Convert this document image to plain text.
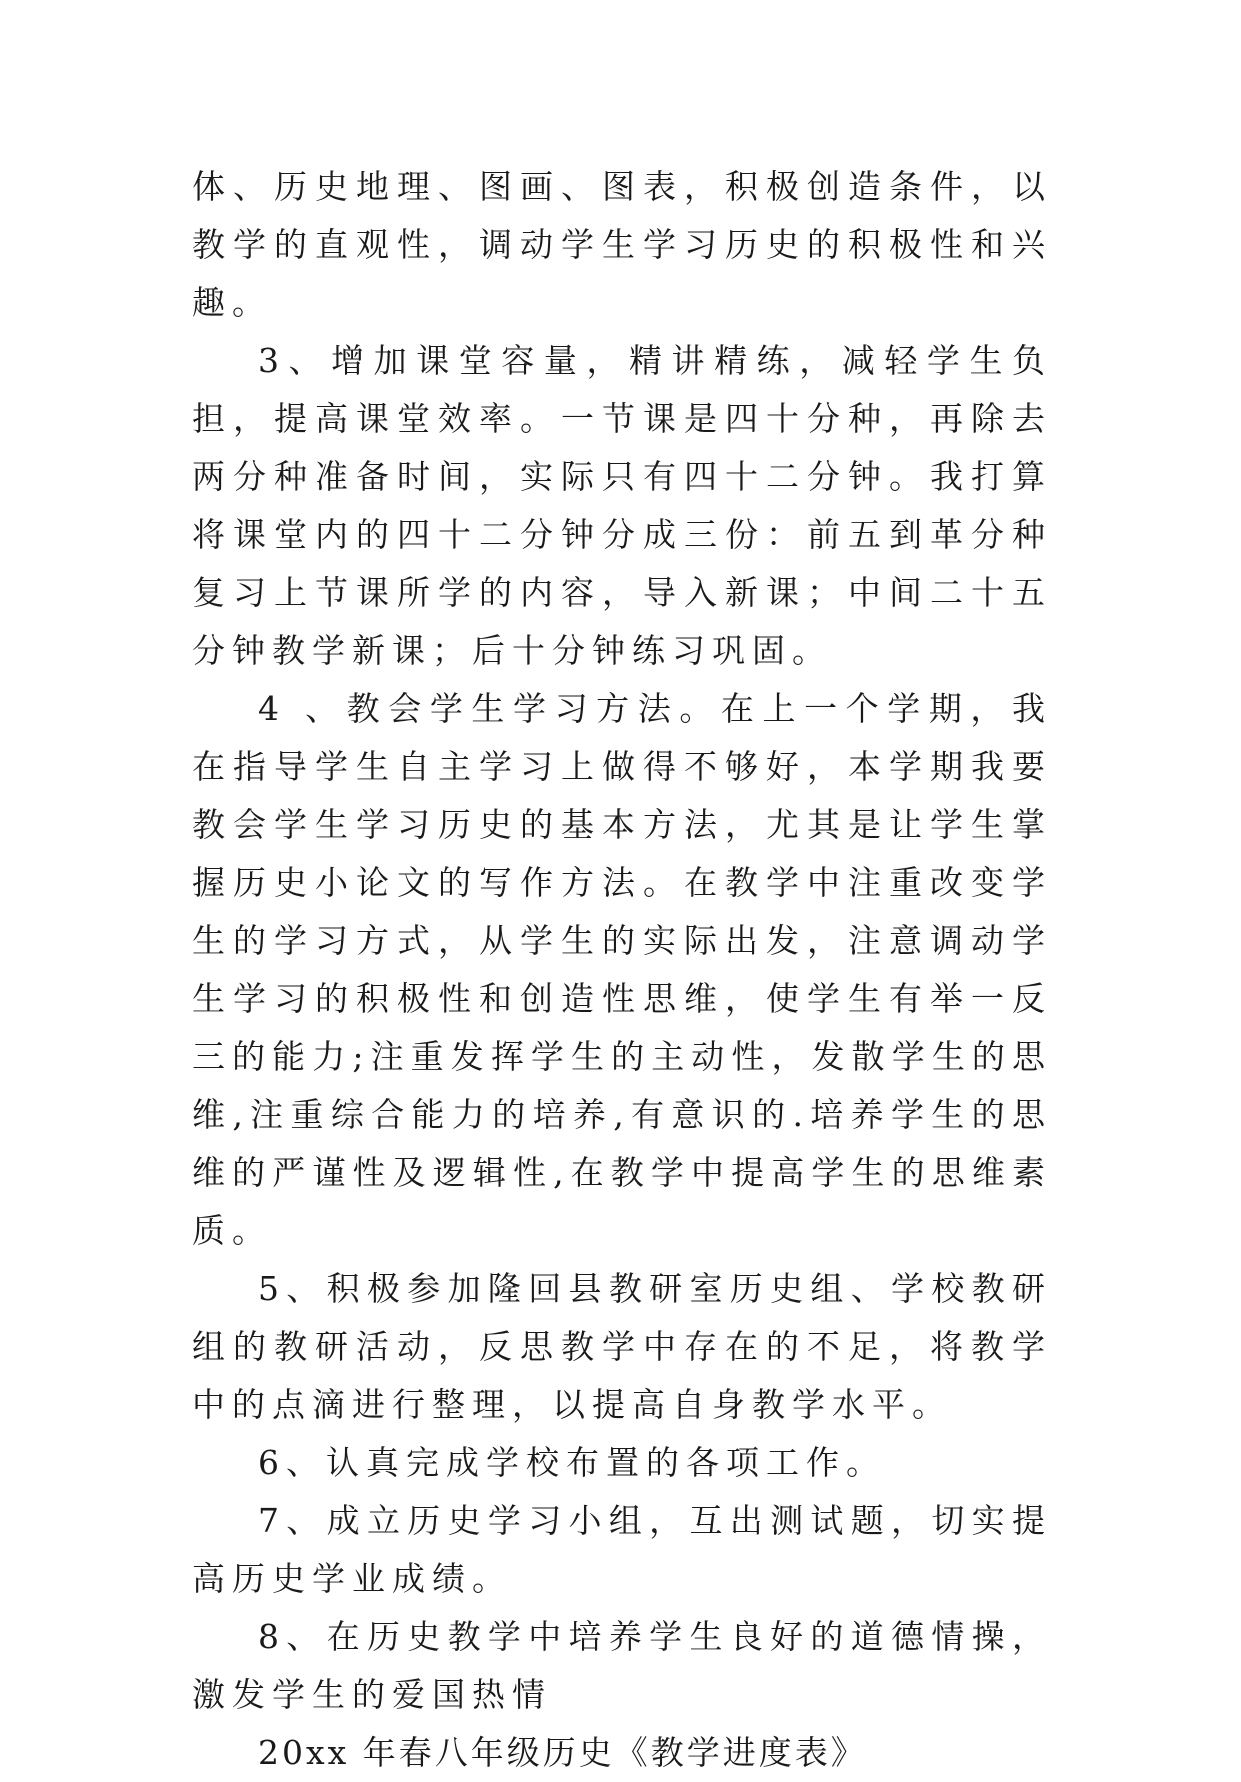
体、历史地理、图画、图表，积极创造条件，以教学的直观性，调动学生学习历史的积极性和兴趣。

3、增加课堂容量，精讲精练，减轻学生负担，提高课堂效率。一节课是四十分种，再除去两分种准备时间，实际只有四十二分钟。我打算将课堂内的四十二分钟分成三份：前五到革分种复习上节课所学的内容，导入新课；中间二十五分钟教学新课；后十分钟练习巩固。

4 、教会学生学习方法。在上一个学期，我在指导学生自主学习上做得不够好，本学期我要教会学生学习历史的基本方法，尤其是让学生掌握历史小论文的写作方法。在教学中注重改变学生的学习方式，从学生的实际出发，注意调动学生学习的积极性和创造性思维，使学生有举一反三的能力;注重发挥学生的主动性，发散学生的思维,注重综合能力的培养,有意识的.培养学生的思维的严谨性及逻辑性,在教学中提高学生的思维素质。

5、积极参加隆回县教研室历史组、学校教研组的教研活动，反思教学中存在的不足，将教学中的点滴进行整理，以提高自身教学水平。

6、认真完成学校布置的各项工作。

7、成立历史学习小组，互出测试题，切实提高历史学业成绩。

8、在历史教学中培养学生良好的道德情操，激发学生的爱国热情

20xx 年春八年级历史《教学进度表》
